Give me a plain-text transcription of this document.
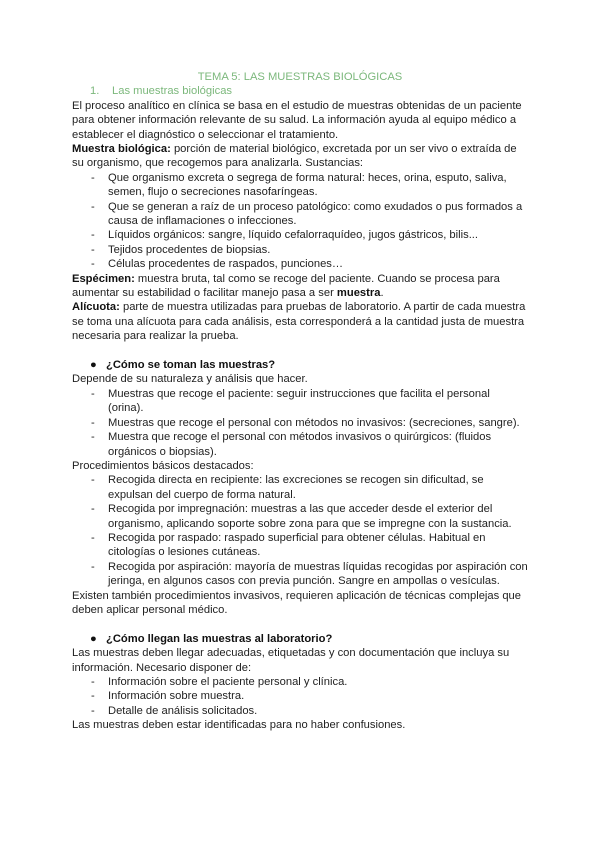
TEMA 5: LAS MUESTRAS BIOLÓGICAS

1. Las muestras biológicas

El proceso analítico en clínica se basa en el estudio de muestras obtenidas de un paciente para obtener información relevante de su salud. La información ayuda al equipo médico a establecer el diagnóstico o seleccionar el tratamiento.

Muestra biológica: porción de material biológico, excretada por un ser vivo o extraída de su organismo, que recogemos para analizarla. Sustancias:

- Que organismo excreta o segrega de forma natural: heces, orina, esputo, saliva, semen, flujo o secreciones nasofaríngeas.
- Que se generan a raíz de un proceso patológico: como exudados o pus formados a causa de inflamaciones o infecciones.
- Líquidos orgánicos: sangre, líquido cefalorraquídeo, jugos gástricos, bilis...
- Tejidos procedentes de biopsias.
- Células procedentes de raspados, punciones…

Espécimen: muestra bruta, tal como se recoge del paciente. Cuando se procesa para aumentar su estabilidad o facilitar manejo pasa a ser muestra.

Alícuota: parte de muestra utilizadas para pruebas de laboratorio. A partir de cada muestra se toma una alícuota para cada análisis, esta corresponderá a la cantidad justa de muestra necesaria para realizar la prueba.

● ¿Cómo se toman las muestras?

Depende de su naturaleza y análisis que hacer.

- Muestras que recoge el paciente: seguir instrucciones que facilita el personal (orina).
- Muestras que recoge el personal con métodos no invasivos: (secreciones, sangre).
- Muestra que recoge el personal con métodos invasivos o quirúrgicos: (fluidos orgánicos o biopsias).

Procedimientos básicos destacados:

- Recogida directa en recipiente: las excreciones se recogen sin dificultad, se expulsan del cuerpo de forma natural.
- Recogida por impregnación: muestras a las que acceder desde el exterior del organismo, aplicando soporte sobre zona para que se impregne con la sustancia.
- Recogida por raspado: raspado superficial para obtener células. Habitual en citologías o lesiones cutáneas.
- Recogida por aspiración: mayoría de muestras líquidas recogidas por aspiración con jeringa, en algunos casos con previa punción. Sangre en ampollas o vesículas.

Existen también procedimientos invasivos, requieren aplicación de técnicas complejas que deben aplicar personal médico.

● ¿Cómo llegan las muestras al laboratorio?

Las muestras deben llegar adecuadas, etiquetadas y con documentación que incluya su información. Necesario disponer de:

- Información sobre el paciente personal y clínica.
- Información sobre muestra.
- Detalle de análisis solicitados.

Las muestras deben estar identificadas para no haber confusiones.
